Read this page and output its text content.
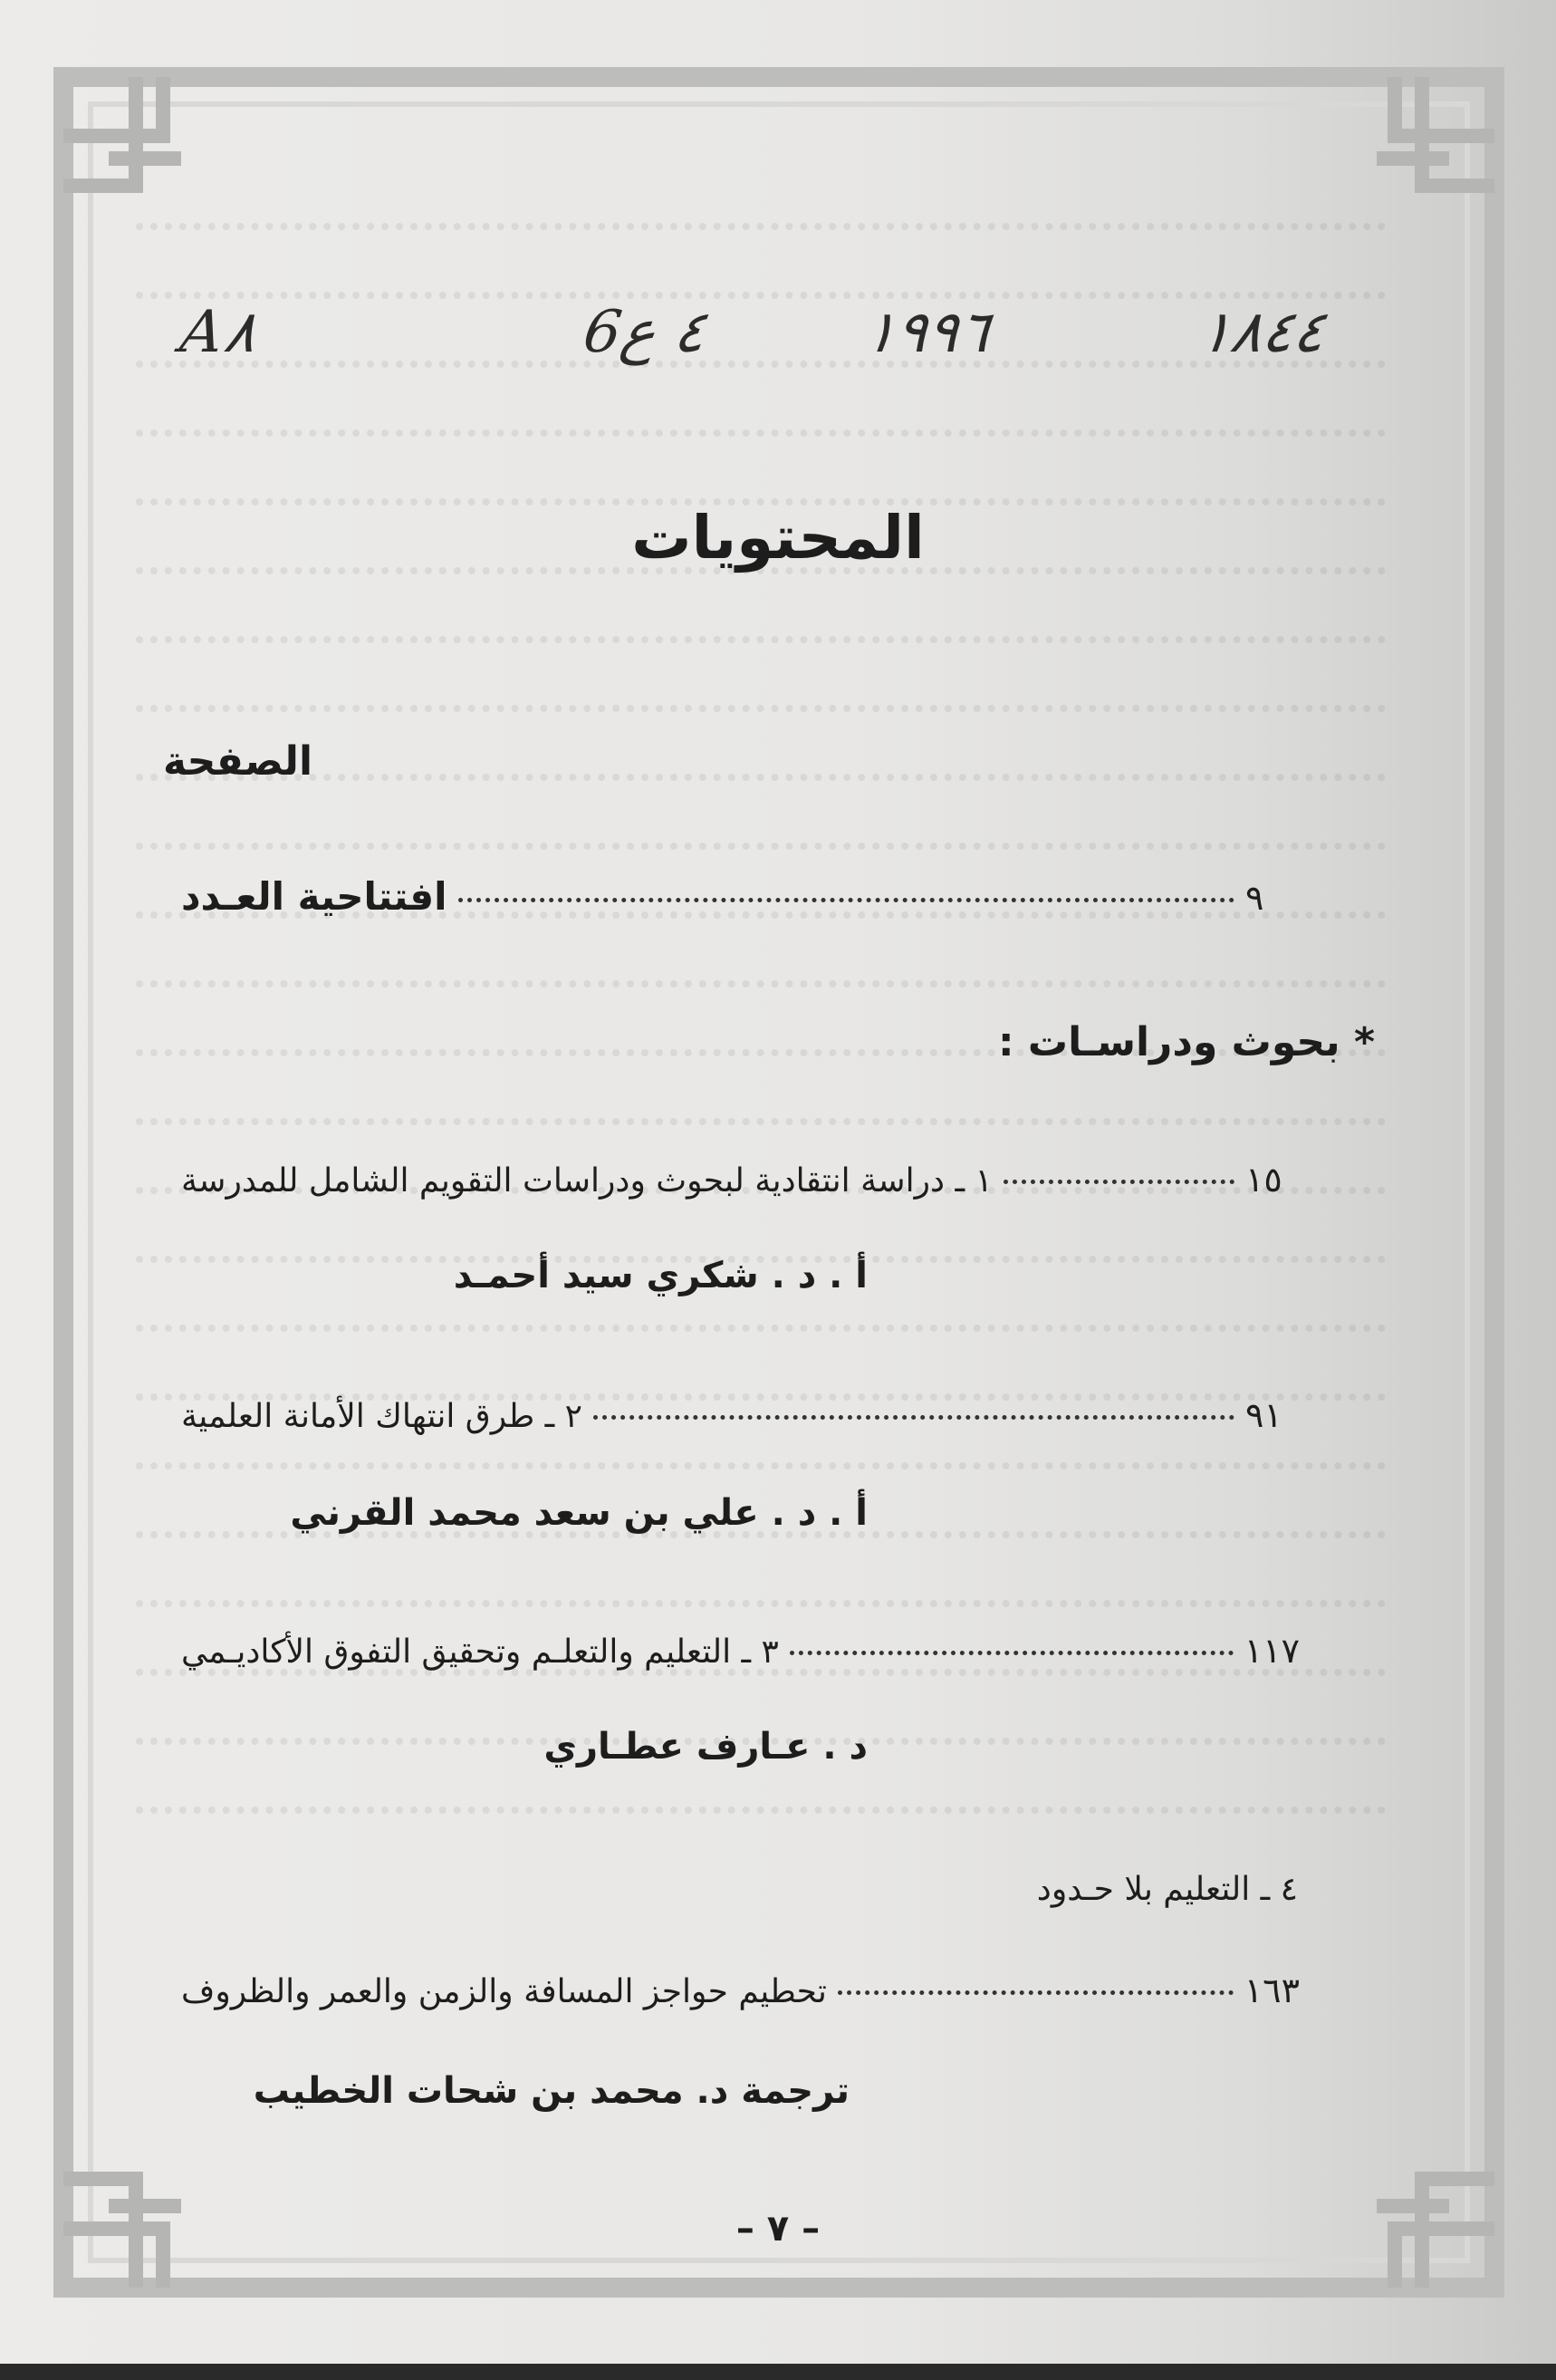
A٨	6٤ ع	١٩٩٦	١٨٤٤
المحتويات
الصفحة
افتتاحية العـدد	٩
* بحوث ودراسـات :
١ ـ دراسة انتقادية لبحوث ودراسات التقويم الشامل للمدرسة	١٥
أ . د . شكري سيد أحمـد
٢ ـ طرق انتهاك الأمانة العلمية	٩١
أ . د . علي بن سعد محمد القرني
٣ ـ التعليم والتعلـم وتحقيق التفوق الأكاديـمي	١١٧
د . عـارف عطـاري
٤ ـ التعليم بلا حـدود
تحطيم حواجز المسافة والزمن والعمر والظروف	١٦٣
ترجمة د. محمد بن شحات الخطيب
– ٧ –
